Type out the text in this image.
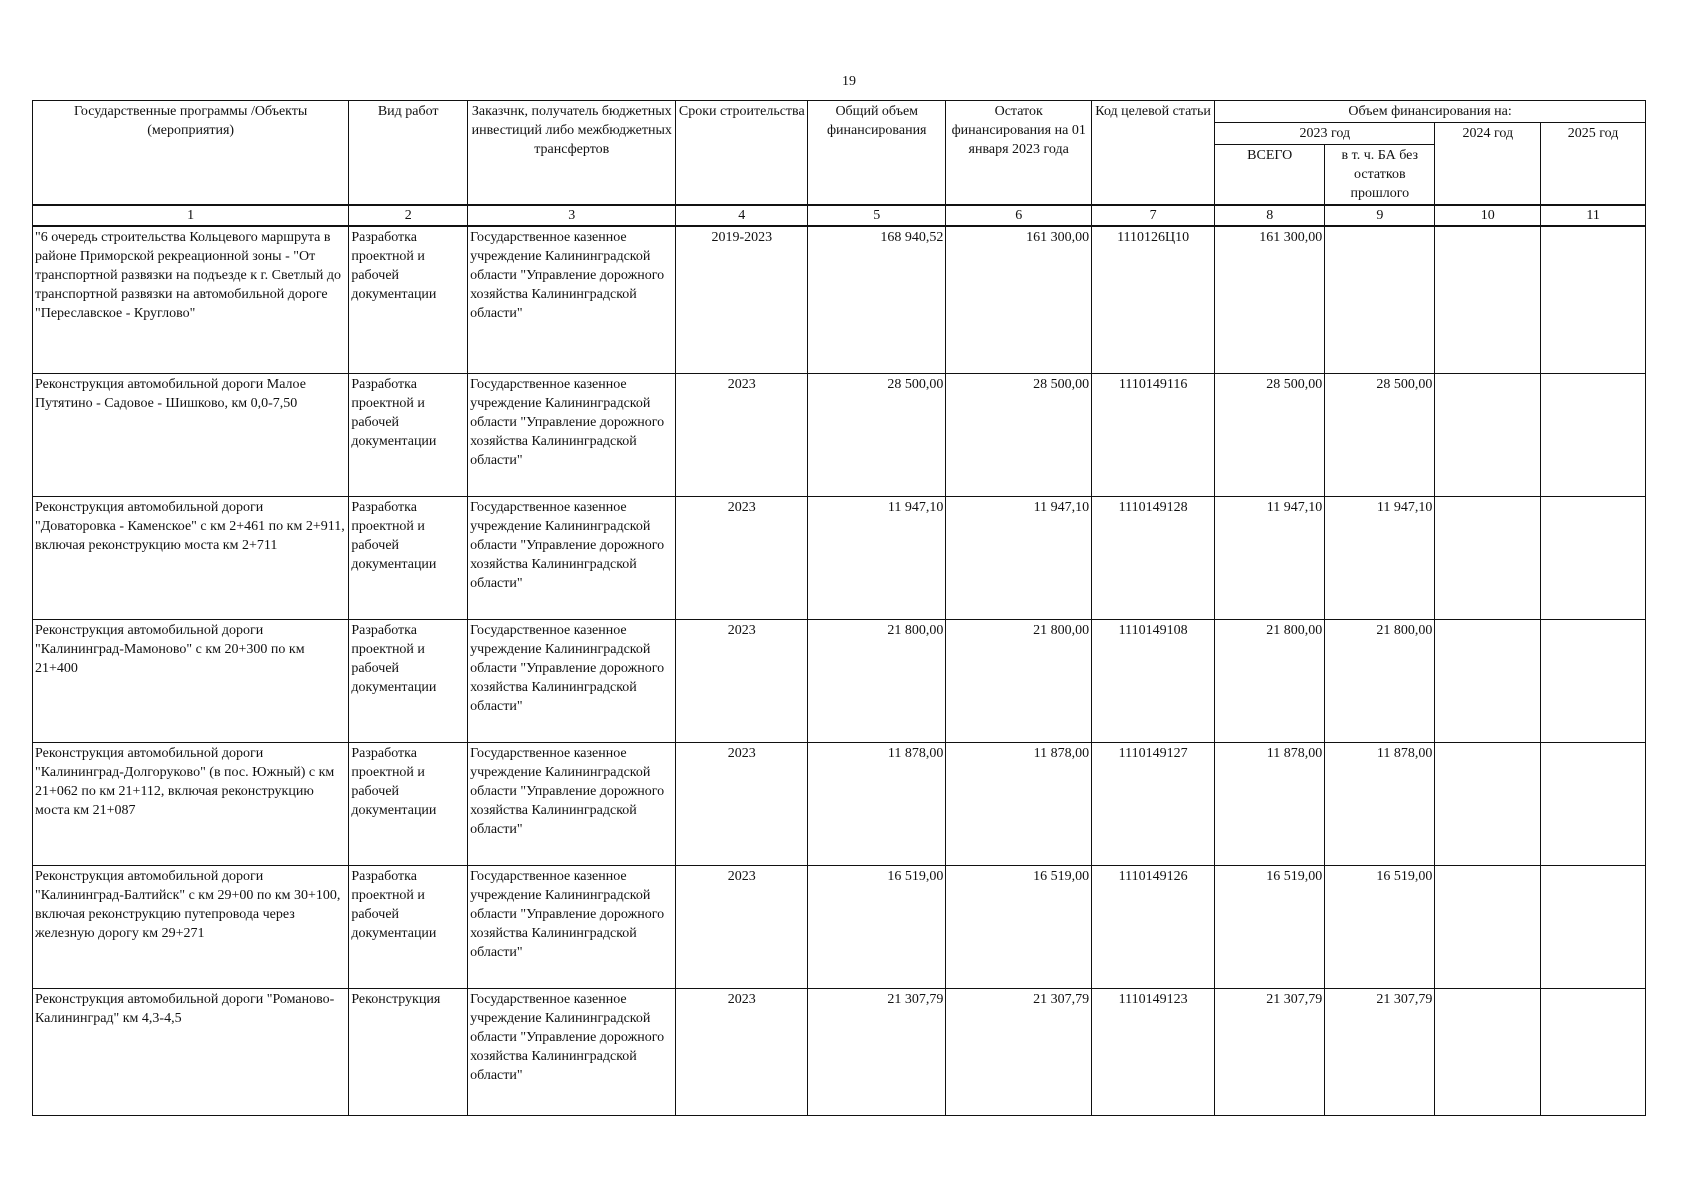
19
Государственные программы /Объекты (мероприятия)	Вид работ	Заказчнк, получатель бюджетных инвестиций либо межбюджетных трансфертов	Сроки строительства	Общий объем финансирования	Остаток финансирования на 01 января 2023 года	Код целевой статьи	Объем финансирования на:			
							2023 год		2024 год	2025 год
							ВСЕГО	в т. ч. БА без остатков прошлого		
1	2	3	4	5	6	7	8	9	10	11
"6 очередь строительства Кольцевого маршрута в районе Приморской рекреационной зоны - "От транспортной развязки на подъезде к г. Светлый до транспортной развязки на автомобильной дороге "Переславское - Круглово"	Разработка проектной и рабочей документации	Государственное казенное учреждение Калининградской области "Управление дорожного хозяйства Калининградской области"	2019-2023	168 940,52	161 300,00	1110126Ц10	161 300,00			
Реконструкция автомобильной дороги Малое Путятино - Садовое - Шишково, км 0,0-7,50	Разработка проектной и рабочей документации	Государственное казенное учреждение Калининградской области "Управление дорожного хозяйства Калининградской области"	2023	28 500,00	28 500,00	1110149116	28 500,00	28 500,00		
Реконструкция автомобильной дороги "Доваторовка - Каменское" с км 2+461 по км 2+911, включая реконструкцию моста км 2+711	Разработка проектной и рабочей документации	Государственное казенное учреждение Калининградской области "Управление дорожного хозяйства Калининградской области"	2023	11 947,10	11 947,10	1110149128	11 947,10	11 947,10		
Реконструкция автомобильной дороги "Калининград-Мамоново" с км 20+300 по км 21+400	Разработка проектной и рабочей документации	Государственное казенное учреждение Калининградской области "Управление дорожного хозяйства Калининградской области"	2023	21 800,00	21 800,00	1110149108	21 800,00	21 800,00		
Реконструкция автомобильной дороги "Калининград-Долгоруково" (в пос. Южный) с км 21+062 по км 21+112, включая реконструкцию моста км 21+087	Разработка проектной и рабочей документации	Государственное казенное учреждение Калининградской области "Управление дорожного хозяйства Калининградской области"	2023	11 878,00	11 878,00	1110149127	11 878,00	11 878,00		
Реконструкция автомобильной дороги "Калининград-Балтийск" с км 29+00 по км 30+100, включая реконструкцию путепровода через железную дорогу км 29+271	Разработка проектной и рабочей документации	Государственное казенное учреждение Калининградской области "Управление дорожного хозяйства Калининградской области"	2023	16 519,00	16 519,00	1110149126	16 519,00	16 519,00		
Реконструкция автомобильной дороги "Романово-Калининград" км 4,3-4,5	Реконструкция	Государственное казенное учреждение Калининградской области "Управление дорожного хозяйства Калининградской области"	2023	21 307,79	21 307,79	1110149123	21 307,79	21 307,79		
